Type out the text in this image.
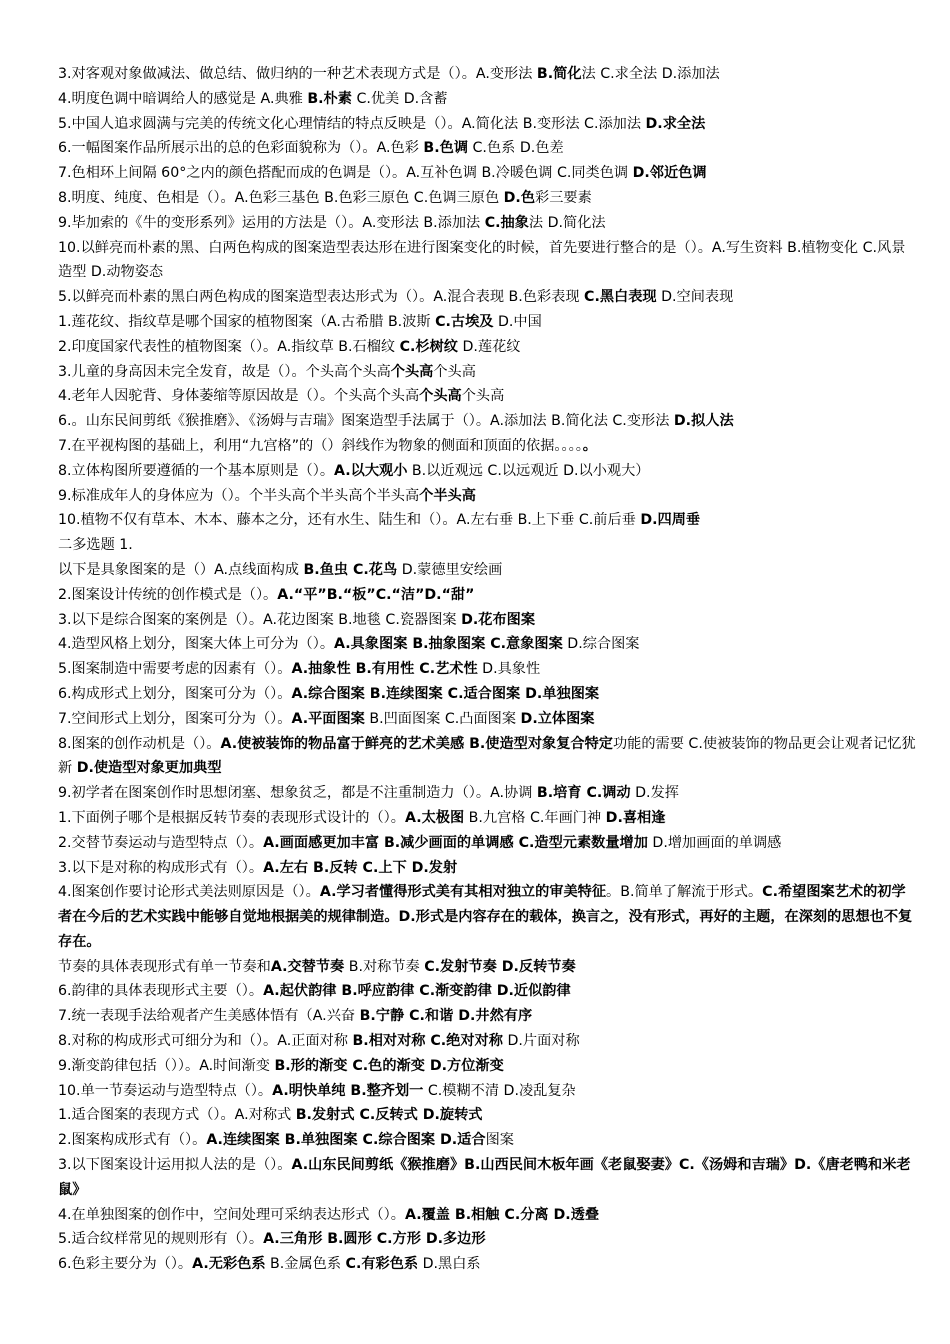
3.对客观对象做减法、做总结、做归纳的一种艺术表现方式是（）。A.变形法 B.简化法 C.求全法 D.添加法

4.明度色调中暗调给人的感觉是 A.典雅 B.朴素 C.优美 D.含蓄

5.中国人追求圆满与完美的传统文化心理情结的特点反映是（）。A.简化法 B.变形法 C.添加法 D.求全法

6.一幅图案作品所展示出的总的色彩面貌称为（）。A.色彩 B.色调 C.色系 D.色差

7.色相环上间隔 60°之内的颜色搭配而成的色调是（）。A.互补色调 B.冷暖色调 C.同类色调 D.邻近色调

8.明度、纯度、色相是（）。A.色彩三基色 B.色彩三原色 C.色调三原色 D.色彩三要素

9.毕加索的《牛的变形系列》运用的方法是（）。A.变形法 B.添加法 C.抽象法 D.简化法

10.以鲜亮而朴素的黑、白两色构成的图案造型表达形在进行图案变化的时候，首先要进行整合的是（）。A.写生资料 B.植物变化 C.风景造型 D.动物姿态

5.以鲜亮而朴素的黑白两色构成的图案造型表达形式为（）。A.混合表现 B.色彩表现 C.黑白表现 D.空间表现

1.莲花纹、指纹草是哪个国家的植物图案（A.古希腊 B.波斯 C.古埃及 D.中国

2.印度国家代表性的植物图案（）。A.指纹草 B.石榴纹 C.杉树纹 D.莲花纹

3.儿童的身高因未完全发育，故是（）。个头高个头高个头高个头高

4.老年人因驼背、身体萎缩等原因故是（）。个头高个头高个头高个头高

6.。山东民间剪纸《猴推磨》、《汤姆与吉瑞》图案造型手法属于（）。A.添加法 B.简化法 C.变形法 D.拟人法

7.在平视构图的基础上，利用“九宫格”的（）斜线作为物象的侧面和顶面的依据。。。。。

8.立体构图所要遵循的一个基本原则是（）。A.以大观小 B.以近观远 C.以远观近 D.以小观大）

9.标准成年人的身体应为（）。个半头高个半头高个半头高个半头高

10.植物不仅有草本、木本、藤本之分，还有水生、陆生和（）。A.左右垂 B.上下垂 C.前后垂 D.四周垂

二多选题 1.

以下是具象图案的是（）A.点线面构成 B.鱼虫 C.花鸟 D.蒙德里安绘画

2.图案设计传统的创作模式是（）。A.“平”B.“板”C.“洁”D.“甜”

3.以下是综合图案的案例是（）。A.花边图案 B.地毯 C.瓷器图案 D.花布图案

4.造型风格上划分，图案大体上可分为（）。A.具象图案 B.抽象图案 C.意象图案 D.综合图案

5.图案制造中需要考虑的因素有（）。A.抽象性 B.有用性 C.艺术性 D.具象性

6.构成形式上划分，图案可分为（）。A.综合图案 B.连续图案 C.适合图案 D.单独图案

7.空间形式上划分，图案可分为（）。A.平面图案 B.凹面图案 C.凸面图案 D.立体图案

8.图案的创作动机是（）。A.使被装饰的物品富于鲜亮的艺术美感 B.使造型对象复合特定功能的需要 C.使被装饰的物品更会让观者记忆犹新 D.使造型对象更加典型

9.初学者在图案创作时思想闭塞、想象贫乏，都是不注重制造力（）。A.协调 B.培育 C.调动 D.发挥

1.下面例子哪个是根据反转节奏的表现形式设计的（）。A.太极图 B.九宫格 C.年画门神 D.喜相逢

2.交替节奏运动与造型特点（）。A.画面感更加丰富 B.减少画面的单调感 C.造型元素数量增加 D.增加画面的单调感

3.以下是对称的构成形式有（）。A.左右 B.反转 C.上下 D.发射

4.图案创作要讨论形式美法则原因是（）。A.学习者懂得形式美有其相对独立的审美特征。B.简单了解流于形式。C.希望图案艺术的初学者在今后的艺术实践中能够自觉地根据美的规律制造。D.形式是内容存在的载体，换言之，没有形式，再好的主题，在深刻的思想也不复存在。

节奏的具体表现形式有单一节奏和A.交替节奏 B.对称节奏 C.发射节奏 D.反转节奏

6.韵律的具体表现形式主要（）。A.起伏韵律 B.呼应韵律 C.渐变韵律 D.近似韵律

7.统一表现手法给观者产生美感体悟有（A.兴奋 B.宁静 C.和谐 D.井然有序

8.对称的构成形式可细分为和（）。A.正面对称 B.相对对称 C.绝对对称 D.片面对称

9.渐变韵律包括（））。A.时间渐变 B.形的渐变 C.色的渐变 D.方位渐变

10.单一节奏运动与造型特点（）。A.明快单纯 B.整齐划一 C.模糊不清 D.凌乱复杂

1.适合图案的表现方式（）。A.对称式 B.发射式 C.反转式 D.旋转式

2.图案构成形式有（）。A.连续图案 B.单独图案 C.综合图案 D.适合图案

3.以下图案设计运用拟人法的是（）。A.山东民间剪纸《猴推磨》B.山西民间木板年画《老鼠娶妻》C.《汤姆和吉瑞》D.《唐老鸭和米老鼠》

4.在单独图案的创作中，空间处理可采纳表达形式（）。A.覆盖 B.相触 C.分离 D.透叠

5.适合纹样常见的规则形有（）。A.三角形 B.圆形 C.方形 D.多边形

6.色彩主要分为（）。A.无彩色系 B.金属色系 C.有彩色系 D.黑白系
